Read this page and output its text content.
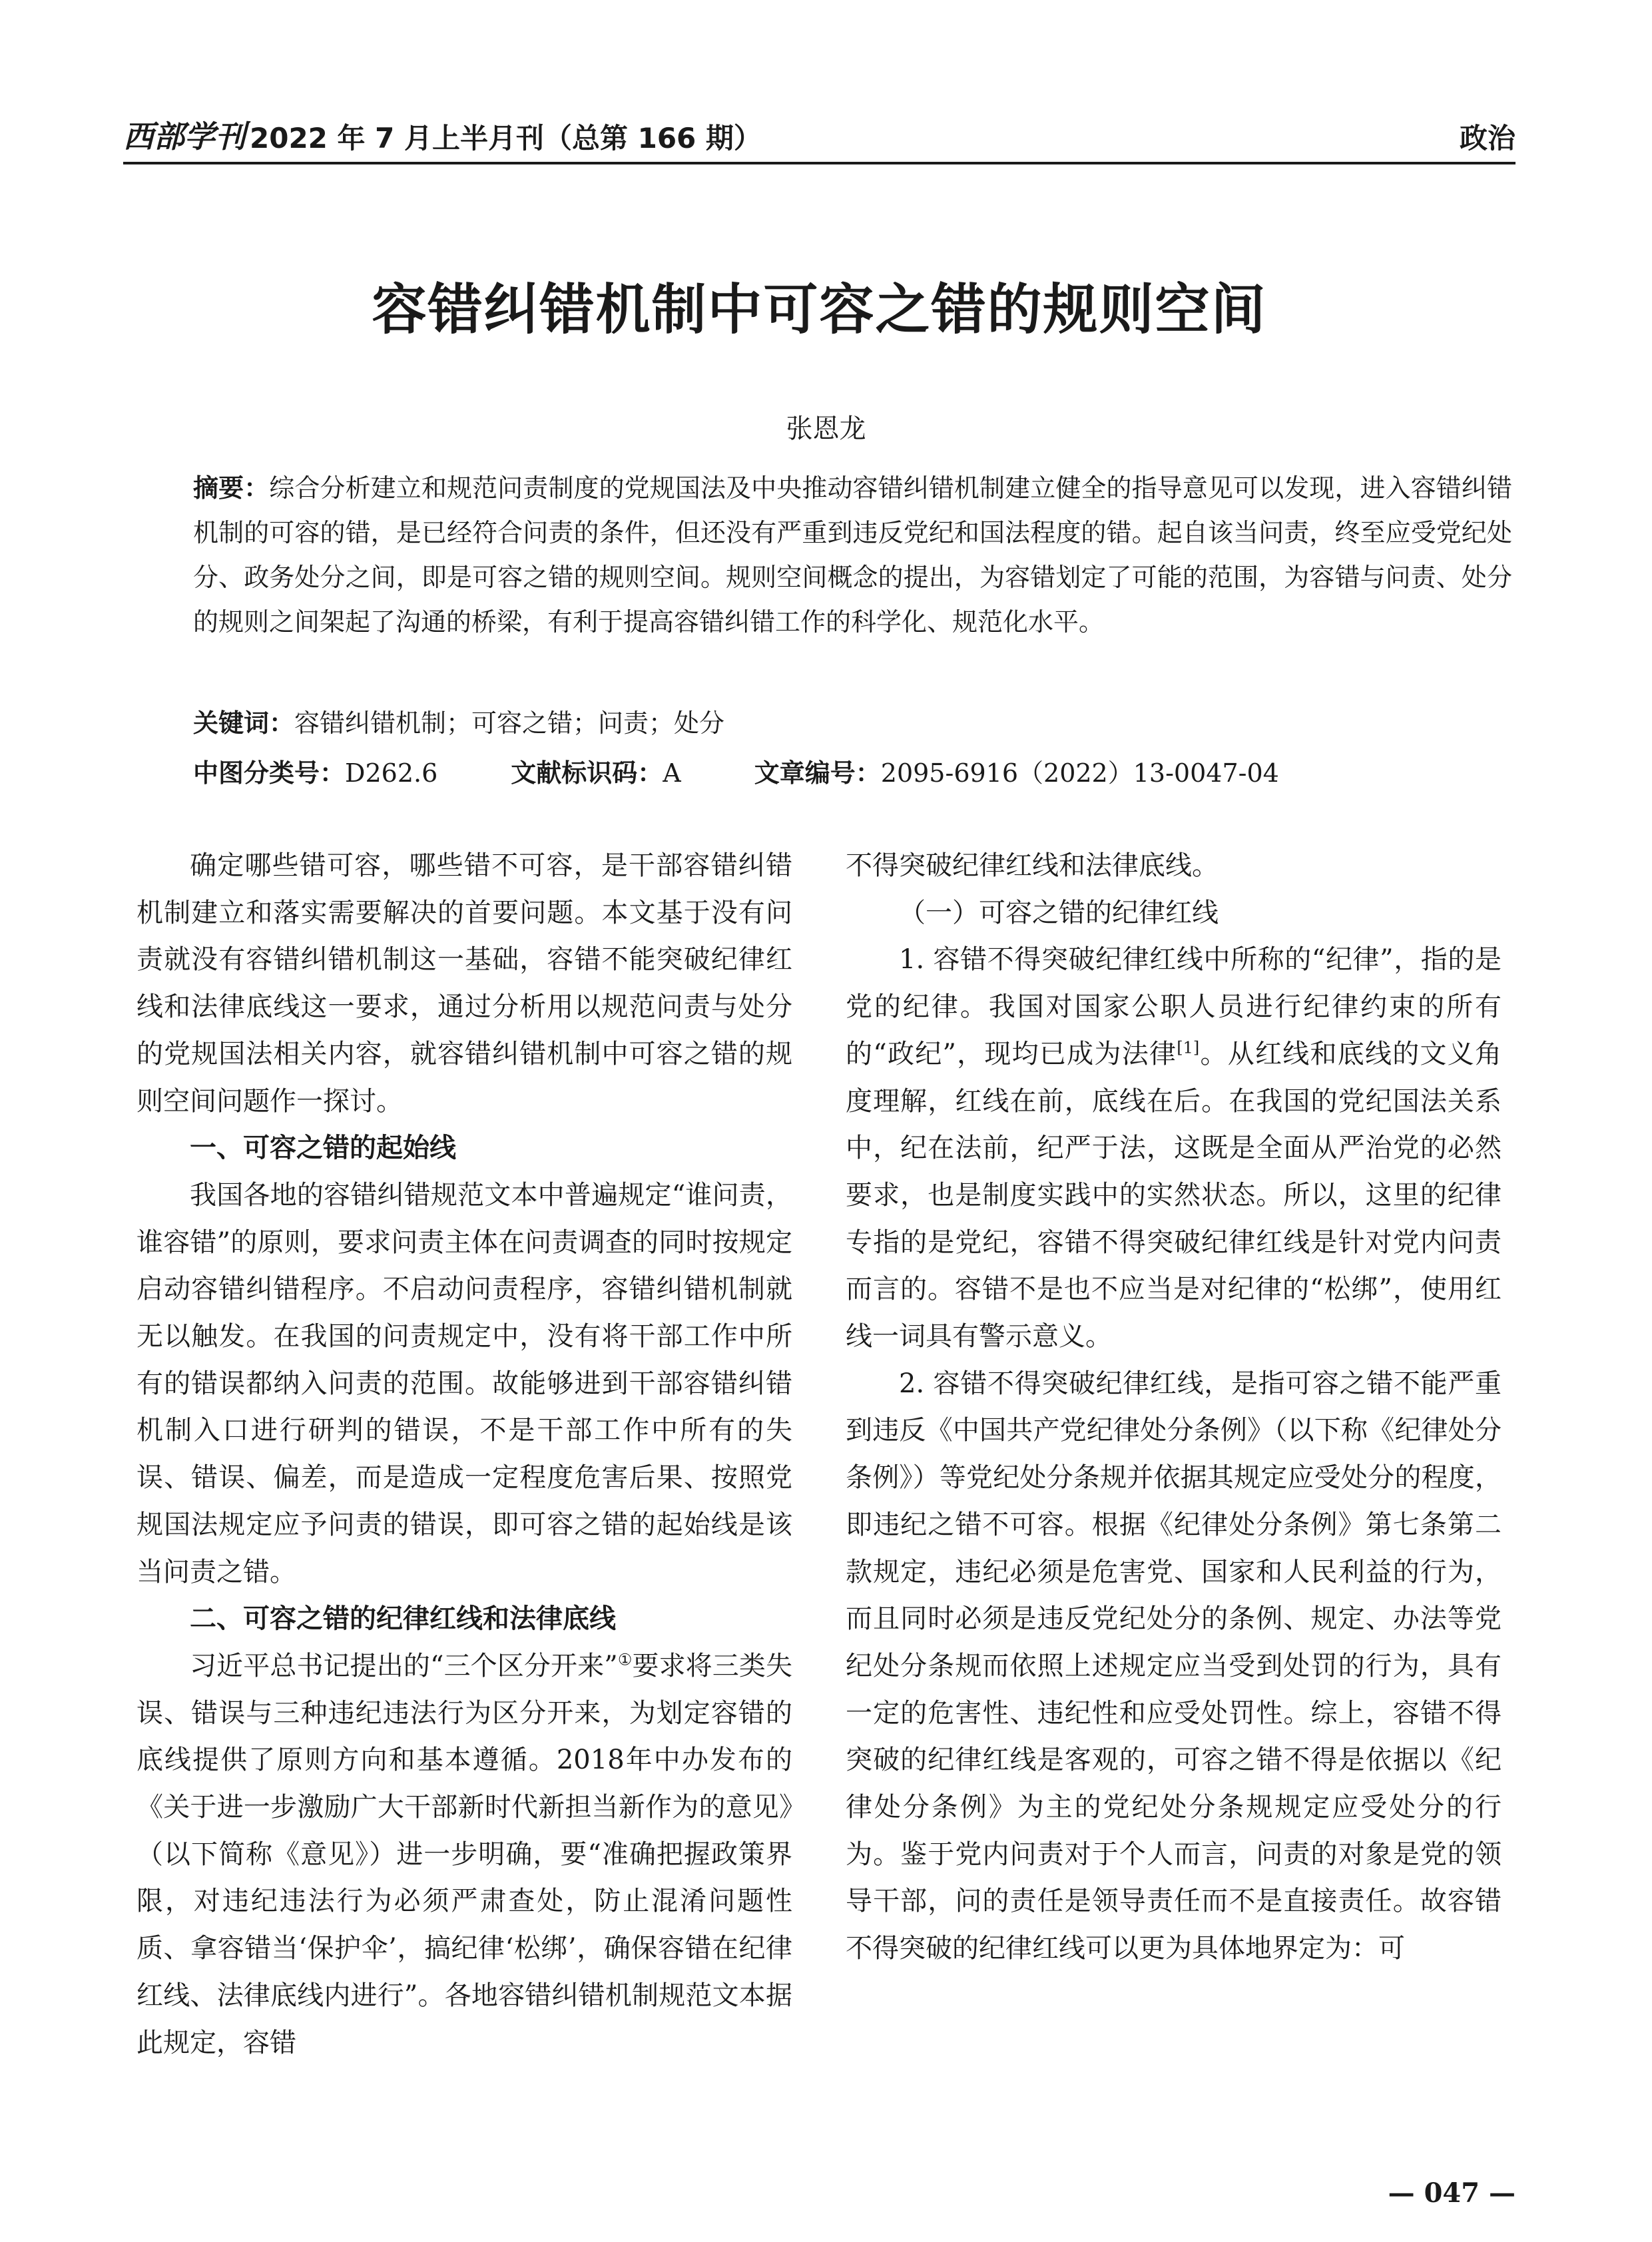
西部学刊 2022 年 7 月上半月刊（总第 166 期）	政治
容错纠错机制中可容之错的规则空间
张恩龙
摘要：综合分析建立和规范问责制度的党规国法及中央推动容错纠错机制建立健全的指导意见可以发现，进入容错纠错机制的可容的错，是已经符合问责的条件，但还没有严重到违反党纪和国法程度的错。起自该当问责，终至应受党纪处分、政务处分之间，即是可容之错的规则空间。规则空间概念的提出，为容错划定了可能的范围，为容错与问责、处分的规则之间架起了沟通的桥梁，有利于提高容错纠错工作的科学化、规范化水平。
关键词：容错纠错机制；可容之错；问责；处分
中图分类号：D262.6	文献标识码：A	文章编号：2095-6916（2022）13-0047-04

确定哪些错可容，哪些错不可容，是干部容错纠错机制建立和落实需要解决的首要问题。本文基于没有问责就没有容错纠错机制这一基础，容错不能突破纪律红线和法律底线这一要求，通过分析用以规范问责与处分的党规国法相关内容，就容错纠错机制中可容之错的规则空间问题作一探讨。

一、可容之错的起始线

我国各地的容错纠错规范文本中普遍规定“谁问责，谁容错”的原则，要求问责主体在问责调查的同时按规定启动容错纠错程序。不启动问责程序，容错纠错机制就无以触发。在我国的问责规定中，没有将干部工作中所有的错误都纳入问责的范围。故能够进到干部容错纠错机制入口进行研判的错误，不是干部工作中所有的失误、错误、偏差，而是造成一定程度危害后果、按照党规国法规定应予问责的错误，即可容之错的起始线是该当问责之错。

二、可容之错的纪律红线和法律底线

习近平总书记提出的“三个区分开来”①要求将三类失误、错误与三种违纪违法行为区分开来，为划定容错的底线提供了原则方向和基本遵循。2018年中办发布的《关于进一步激励广大干部新时代新担当新作为的意见》（以下简称《意见》）进一步明确，要“准确把握政策界限，对违纪违法行为必须严肃查处，防止混淆问题性质、拿容错当‘保护伞’，搞纪律‘松绑’，确保容错在纪律红线、法律底线内进行”。各地容错纠错机制规范文本据此规定，容错

不得突破纪律红线和法律底线。

（一）可容之错的纪律红线

1. 容错不得突破纪律红线中所称的“纪律”，指的是党的纪律。我国对国家公职人员进行纪律约束的所有的“政纪”，现均已成为法律[1]。从红线和底线的文义角度理解，红线在前，底线在后。在我国的党纪国法关系中，纪在法前，纪严于法，这既是全面从严治党的必然要求，也是制度实践中的实然状态。所以，这里的纪律专指的是党纪，容错不得突破纪律红线是针对党内问责而言的。容错不是也不应当是对纪律的“松绑”，使用红线一词具有警示意义。

2. 容错不得突破纪律红线，是指可容之错不能严重到违反《中国共产党纪律处分条例》（以下称《纪律处分条例》）等党纪处分条规并依据其规定应受处分的程度，即违纪之错不可容。根据《纪律处分条例》第七条第二款规定，违纪必须是危害党、国家和人民利益的行为，而且同时必须是违反党纪处分的条例、规定、办法等党纪处分条规而依照上述规定应当受到处罚的行为，具有一定的危害性、违纪性和应受处罚性。综上，容错不得突破的纪律红线是客观的，可容之错不得是依据以《纪律处分条例》为主的党纪处分条规规定应受处分的行为。鉴于党内问责对于个人而言，问责的对象是党的领导干部，问的责任是领导责任而不是直接责任。故容错不得突破的纪律红线可以更为具体地界定为：可

— 047 —
